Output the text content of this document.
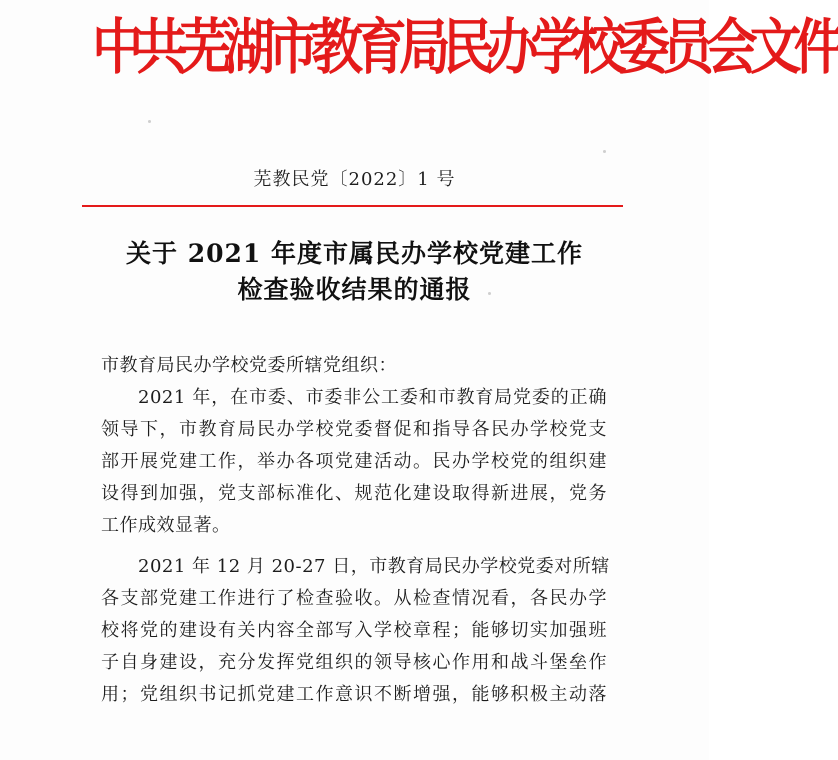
中共芜湖市教育局民办学校委员会文件
芜教民党〔2022〕1 号
关于 2021 年度市属民办学校党建工作
检查验收结果的通报
市教育局民办学校党委所辖党组织：
2021 年，在市委、市委非公工委和市教育局党委的正确
领导下，市教育局民办学校党委督促和指导各民办学校党支
部开展党建工作，举办各项党建活动。民办学校党的组织建
设得到加强，党支部标准化、规范化建设取得新进展，党务
工作成效显著。
2021 年 12 月 20-27 日，市教育局民办学校党委对所辖
各支部党建工作进行了检查验收。从检查情况看，各民办学
校将党的建设有关内容全部写入学校章程；能够切实加强班
子自身建设，充分发挥党组织的领导核心作用和战斗堡垒作
用；党组织书记抓党建工作意识不断增强，能够积极主动落
